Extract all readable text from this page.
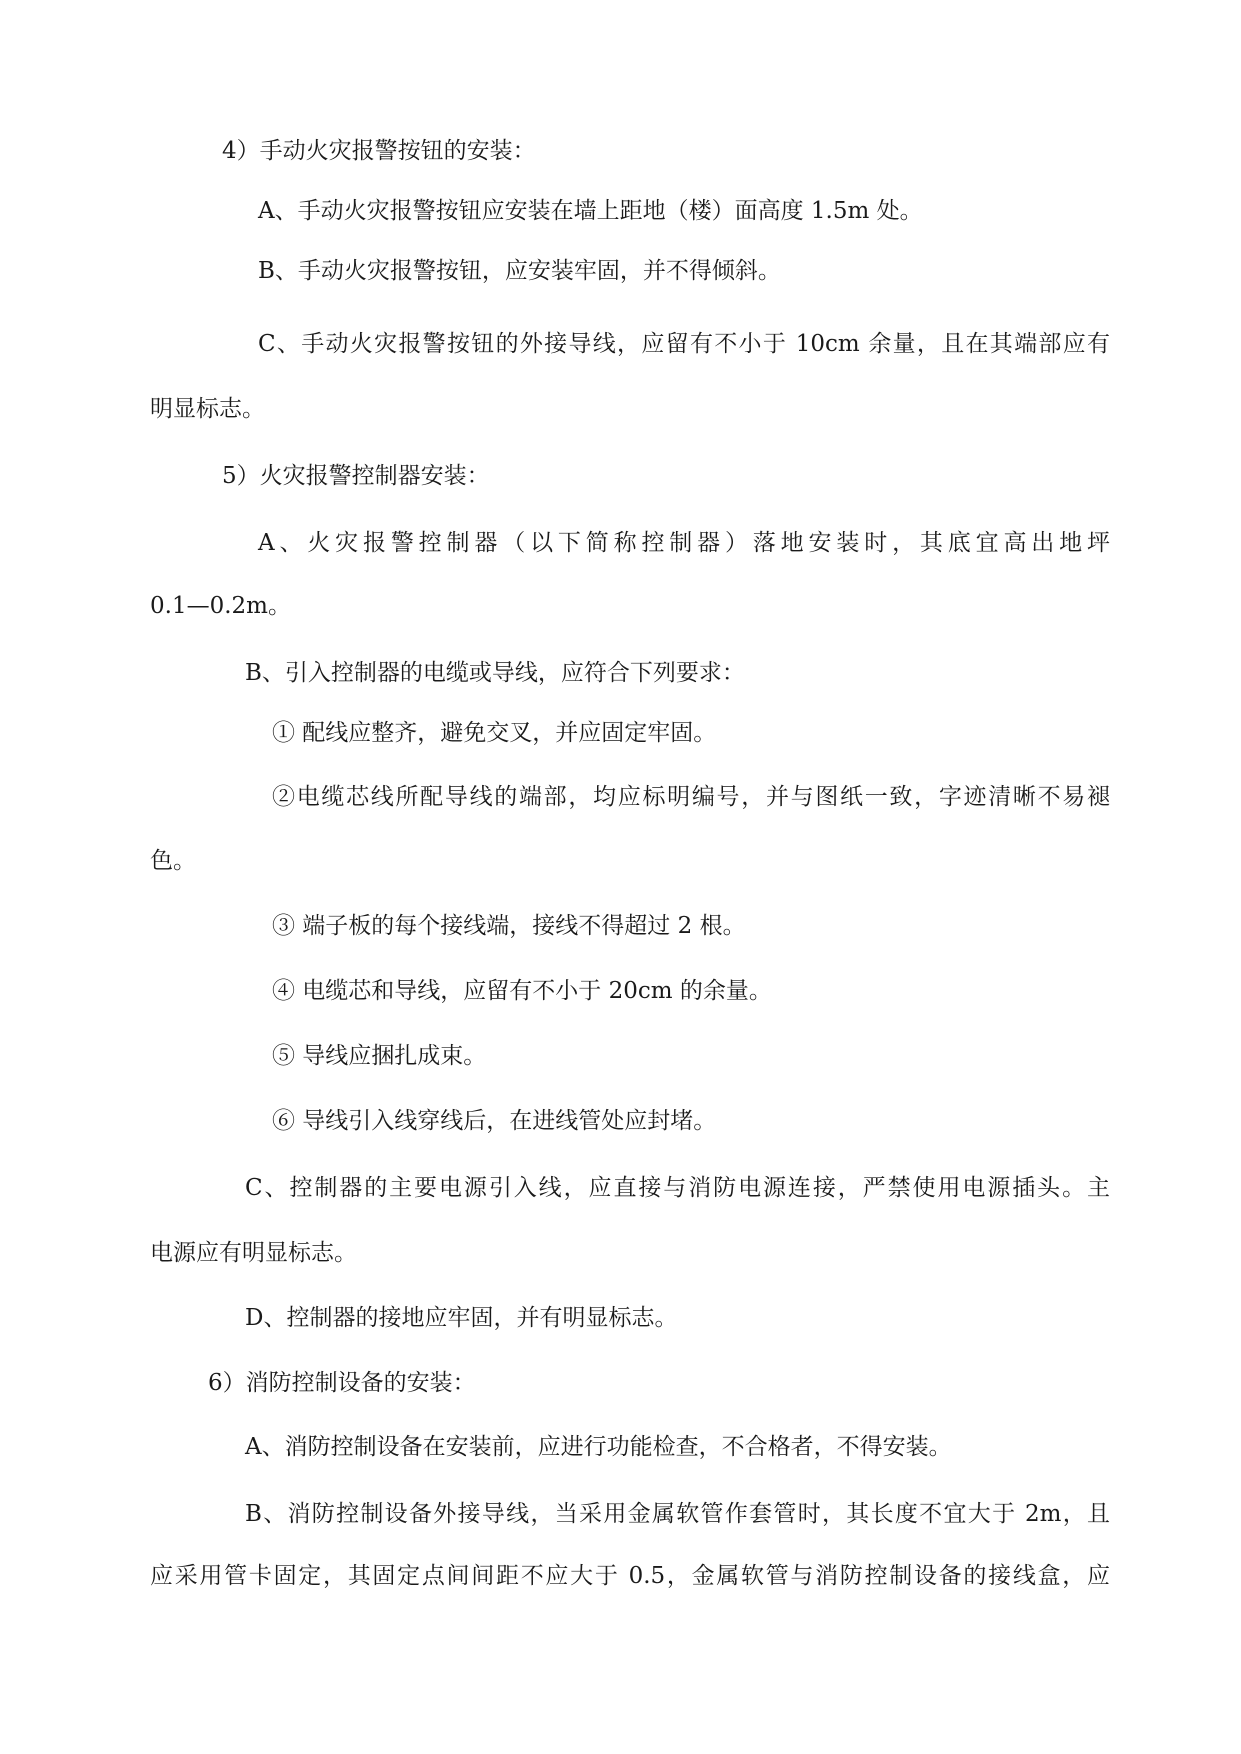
4）手动火灾报警按钮的安装：
A、手动火灾报警按钮应安装在墙上距地（楼）面高度 1.5m 处。
B、手动火灾报警按钮，应安装牢固，并不得倾斜。
C、手动火灾报警按钮的外接导线，应留有不小于 10cm 余量，且在其端部应有
明显标志。
5）火灾报警控制器安装：
A、火灾报警控制器（以下简称控制器）落地安装时，其底宜高出地坪
0.1—0.2m。
B、引入控制器的电缆或导线，应符合下列要求：
① 配线应整齐，避免交叉，并应固定牢固。
②电缆芯线所配导线的端部，均应标明编号，并与图纸一致，字迹清晰不易褪
色。
③ 端子板的每个接线端，接线不得超过 2 根。
④ 电缆芯和导线，应留有不小于 20cm 的余量。
⑤ 导线应捆扎成束。
⑥ 导线引入线穿线后，在进线管处应封堵。
C、控制器的主要电源引入线，应直接与消防电源连接，严禁使用电源插头。主
电源应有明显标志。
D、控制器的接地应牢固，并有明显标志。
6）消防控制设备的安装：
A、消防控制设备在安装前，应进行功能检查，不合格者，不得安装。
B、消防控制设备外接导线，当采用金属软管作套管时，其长度不宜大于 2m，且
应采用管卡固定，其固定点间间距不应大于 0.5，金属软管与消防控制设备的接线盒，应
